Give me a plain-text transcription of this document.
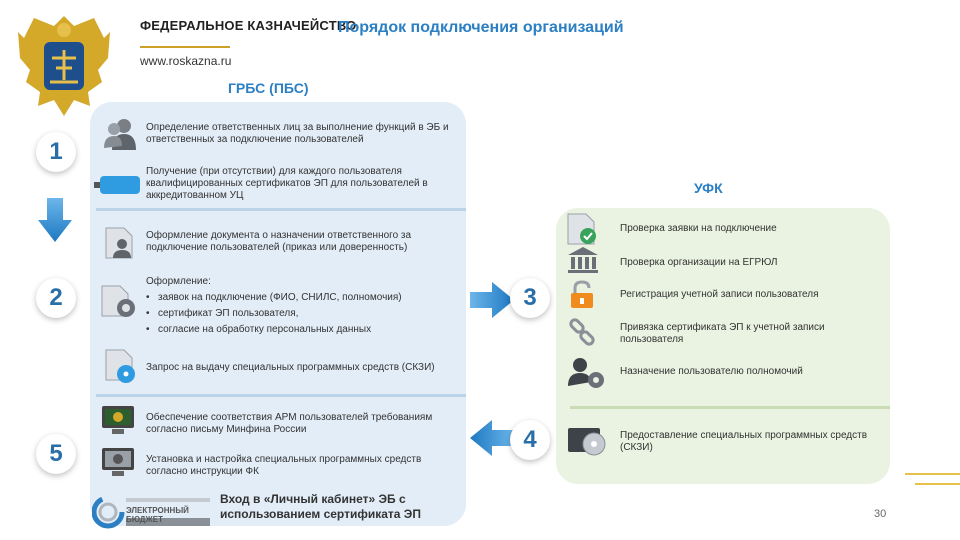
ФЕДЕРАЛЬНОЕ КАЗНАЧЕЙСТВО
www.roskazna.ru
Порядок подключения организаций
ГРБС (ПБС)
1
2
5
Определение ответственных лиц за выполнение функций в ЭБ и ответственных за подключение пользователей
Получение (при отсутствии) для каждого пользователя квалифицированных сертификатов ЭП для пользователей в аккредитованном УЦ
Оформление документа о назначении ответственного за подключение пользователей (приказ или доверенность)
Оформление:
• заявок на подключение (ФИО, СНИЛС, полномочия)
• сертификат ЭП пользователя,
• согласие на обработку персональных данных
Запрос на выдачу специальных программных средств (СКЗИ)
Обеспечение соответствия АРМ пользователей требованиям согласно письму Минфина России
Установка и настройка специальных программных средств согласно инструкции ФК
ЭЛЕКТРОННЫЙ БЮДЖЕТ
Вход в «Личный кабинет» ЭБ с
использованием сертификата ЭП
УФК
3
4
Проверка заявки на подключение
Проверка организации на ЕГРЮЛ
Регистрация учетной записи пользователя
Привязка сертификата ЭП к учетной записи пользователя
Назначение пользователю полномочий
Предоставление специальных программных средств (СКЗИ)
30
